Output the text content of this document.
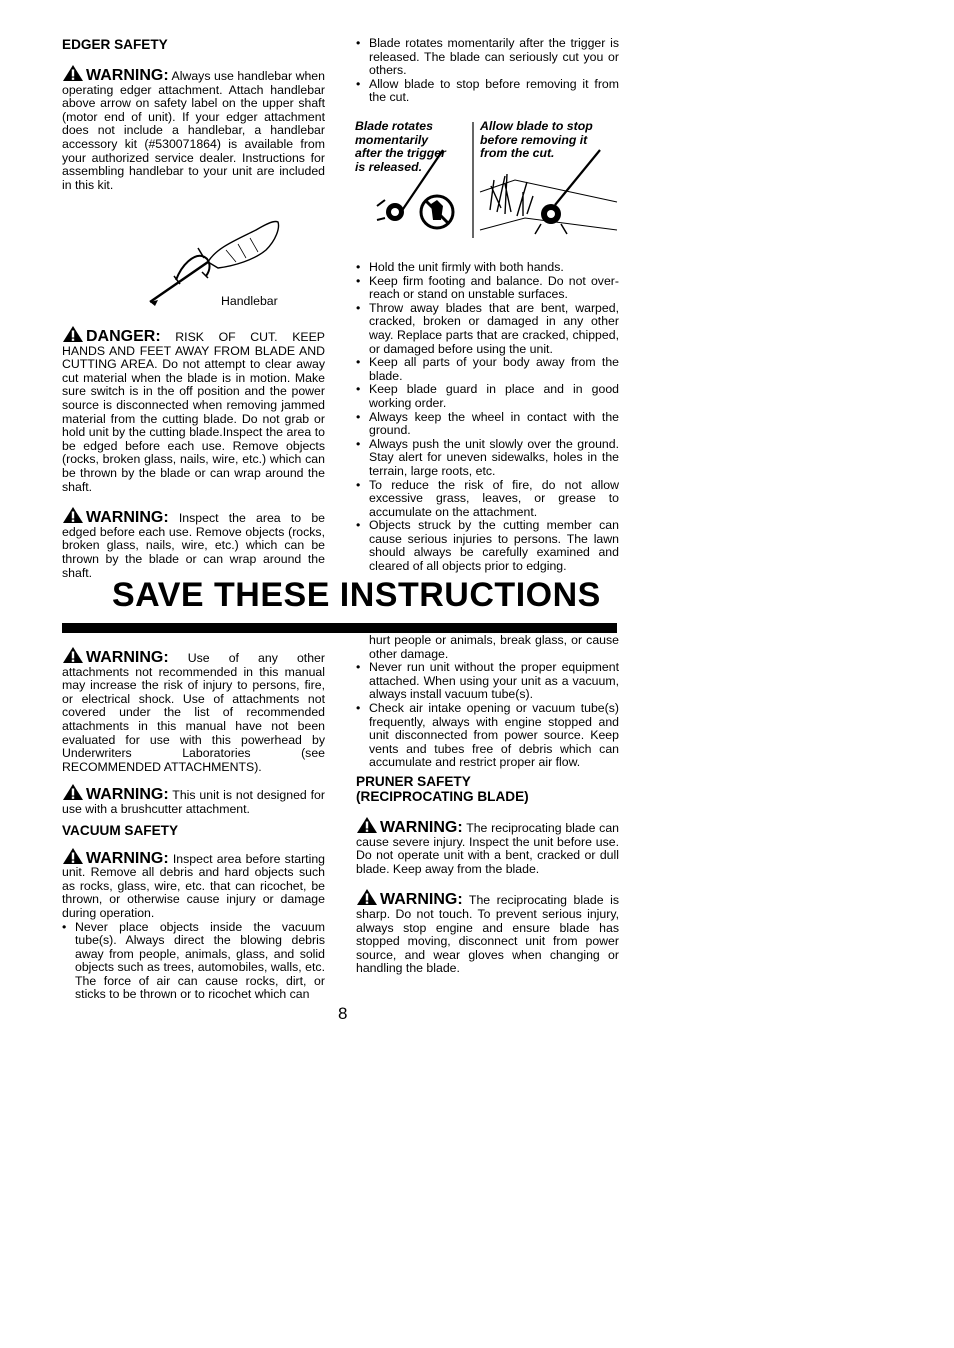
EDGER SAFETY

WARNING: Always use handlebar when operating edger attachment. Attach handlebar above arrow on safety label on the upper shaft (motor end of unit). If your edger attachment does not include a handlebar, a handlebar accessory kit (#530071864) is available from your authorized service dealer. Instructions for assembling handlebar to your unit are included in this kit.

Handlebar

DANGER: RISK OF CUT. KEEP HANDS AND FEET AWAY FROM BLADE AND CUTTING AREA. Do not attempt to clear away cut material when the blade is in motion. Make sure switch is in the off position and the power source is disconnected when removing jammed material from the cutting blade. Do not grab or hold unit by the cutting blade.Inspect the area to be edged before each use. Remove objects (rocks, broken glass, nails, wire, etc.) which can be thrown by the blade or can wrap around the shaft.

WARNING: Inspect the area to be edged before each use. Remove objects (rocks, broken glass, nails, wire, etc.) which can be thrown by the blade or can wrap around the shaft.

• Blade rotates momentarily after the trigger is released. The blade can seriously cut you or others.
• Allow blade to stop before removing it from the cut.
Blade rotates momentarily after the trigger is released.
Allow blade to stop before removing it from the cut.
• Hold the unit firmly with both hands.
• Keep firm footing and balance. Do not over-reach or stand on unstable surfaces.
• Throw away blades that are bent, warped, cracked, broken or damaged in any other way. Replace parts that are cracked, chipped, or damaged before using the unit.
• Keep all parts of your body away from the blade.
• Keep blade guard in place and in good working order.
• Always keep the wheel in contact with the ground.
• Always push the unit slowly over the ground. Stay alert for uneven sidewalks, holes in the terrain, large roots, etc.
• To reduce the risk of fire, do not allow excessive grass, leaves, or grease to accumulate on the attachment.
• Objects struck by the cutting member can cause serious injuries to persons. The lawn should always be carefully examined and cleared of all objects prior to edging.
SAVE THESE INSTRUCTIONS

WARNING: Use of any other attachments not recommended in this manual may increase the risk of injury to persons, fire, or electrical shock. Use of attachments not covered under the list of recommended attachments in this manual have not been evaluated for use with this powerhead by Underwriters Laboratories (see RECOMMENDED ATTACHMENTS).

WARNING: This unit is not designed for use with a brushcutter attachment.

VACUUM SAFETY

WARNING: Inspect area before starting unit. Remove all debris and hard objects such as rocks, glass, wire, etc. that can ricochet, be thrown, or otherwise cause injury or damage during operation.

• Never place objects inside the vacuum tube(s). Always direct the blowing debris away from people, animals, glass, and solid objects such as trees, automobiles, walls, etc. The force of air can cause rocks, dirt, or sticks to be thrown or to ricochet which can

hurt people or animals, break glass, or cause other damage.

• Never run unit without the proper equipment attached. When using your unit as a vacuum, always install vacuum tube(s).
• Check air intake opening or vacuum tube(s) frequently, always with engine stopped and unit disconnected from power source. Keep vents and tubes free of debris which can accumulate and restrict proper air flow.

PRUNER SAFETY

(RECIPROCATING BLADE)

WARNING: The reciprocating blade can cause severe injury. Inspect the unit before use. Do not operate unit with a bent, cracked or dull blade. Keep away from the blade.

WARNING: The reciprocating blade is sharp. Do not touch. To prevent serious injury, always stop engine and ensure blade has stopped moving, disconnect unit from power source, and wear gloves when changing or handling the blade.

8
